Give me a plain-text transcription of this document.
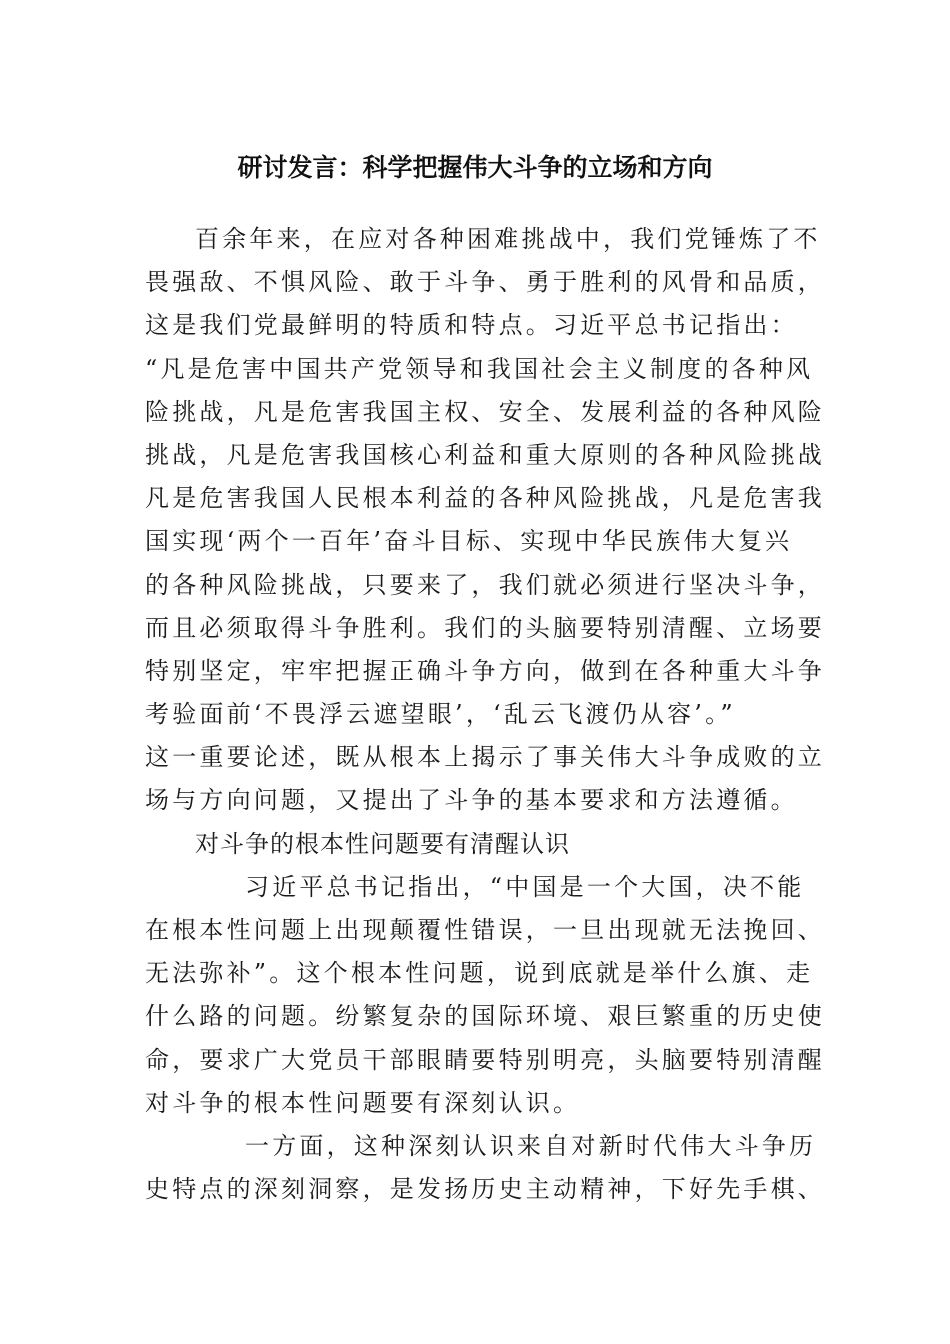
研讨发言：科学把握伟大斗争的立场和方向
百余年来，在应对各种困难挑战中，我们党锤炼了不
畏强敌、不惧风险、敢于斗争、勇于胜利的风骨和品质，
这是我们党最鲜明的特质和特点。习近平总书记指出：
“凡是危害中国共产党领导和我国社会主义制度的各种风
险挑战，凡是危害我国主权、安全、发展利益的各种风险
挑战，凡是危害我国核心利益和重大原则的各种风险挑战
凡是危害我国人民根本利益的各种风险挑战，凡是危害我
国实现‘两个一百年’奋斗目标、实现中华民族伟大复兴
的各种风险挑战，只要来了，我们就必须进行坚决斗争，
而且必须取得斗争胜利。我们的头脑要特别清醒、立场要
特别坚定，牢牢把握正确斗争方向，做到在各种重大斗争
考验面前‘不畏浮云遮望眼’，‘乱云飞渡仍从容’。”
这一重要论述，既从根本上揭示了事关伟大斗争成败的立
场与方向问题，又提出了斗争的基本要求和方法遵循。
对斗争的根本性问题要有清醒认识
习近平总书记指出，“中国是一个大国，决不能
在根本性问题上出现颠覆性错误，一旦出现就无法挽回、
无法弥补”。这个根本性问题，说到底就是举什么旗、走
什么路的问题。纷繁复杂的国际环境、艰巨繁重的历史使
命，要求广大党员干部眼睛要特别明亮，头脑要特别清醒
对斗争的根本性问题要有深刻认识。
一方面，这种深刻认识来自对新时代伟大斗争历
史特点的深刻洞察，是发扬历史主动精神，下好先手棋、
